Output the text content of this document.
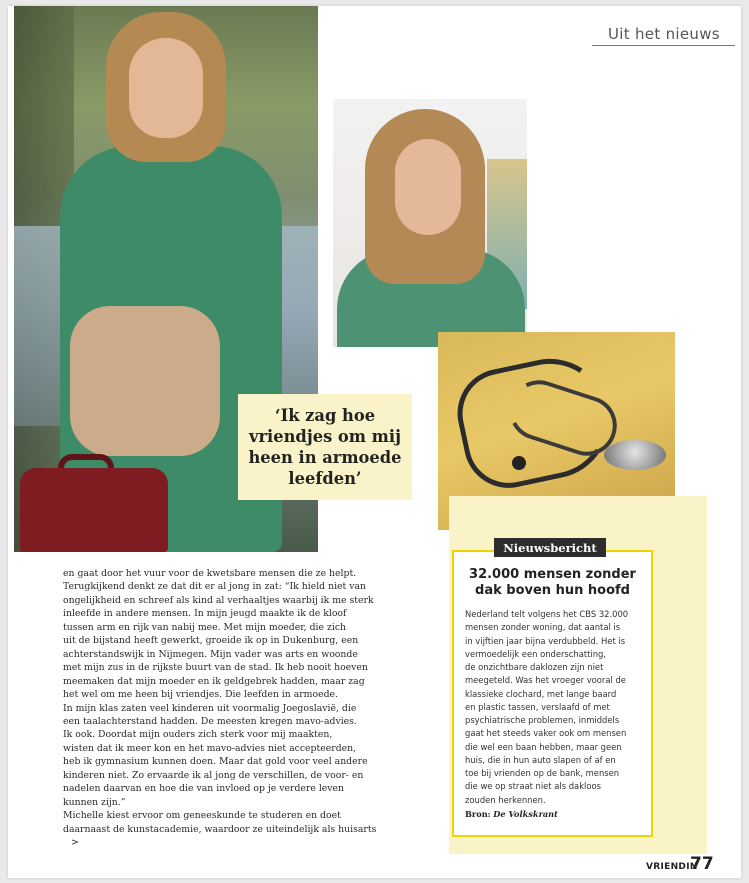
Uit het nieuws
‘Ik zag hoe vriendjes om mij heen in armoede leefden’
32.000 mensen zonder dak boven hun hoofd
Nederland telt volgens het CBS 32.000
mensen zonder woning, dat aantal is
in vijftien jaar bijna verdubbeld. Het is
vermoedelijk een onderschatting,
de onzichtbare daklozen zijn niet
meegeteld. Was het vroeger vooral de
klassieke clochard, met lange baard
en plastic tassen, verslaafd of met
psychiatrische problemen, inmiddels
gaat het steeds vaker ook om mensen
die wel een baan hebben, maar geen
huis, die in hun auto slapen of af en
toe bij vrienden op de bank, mensen
die we op straat niet als dakloos
zouden herkennen.
Bron: De Volkskrant
Nieuwsbericht

en gaat door het vuur voor de kwetsbare mensen die ze helpt.

Terugkijkend denkt ze dat dit er al jong in zat: “Ik hield niet van

ongelijkheid en schreef als kind al verhaaltjes waarbij ik me sterk

inleefde in andere mensen. In mijn jeugd maakte ik de kloof

tussen arm en rijk van nabij mee. Met mijn moeder, die zich

uit de bijstand heeft gewerkt, groeide ik op in Dukenburg, een

achterstandswijk in Nijmegen. Mijn vader was arts en woonde

met mijn zus in de rijkste buurt van de stad. Ik heb nooit hoeven

meemaken dat mijn moeder en ik geldgebrek hadden, maar zag

het wel om me heen bij vriendjes. Die leefden in armoede.

In mijn klas zaten veel kinderen uit voormalig Joegoslavië, die

een taalachterstand hadden. De meesten kregen mavo-advies.

Ik ook. Doordat mijn ouders zich sterk voor mij maakten,

wisten dat ik meer kon en het mavo-advies niet accepteerden,

heb ik gymnasium kunnen doen. Maar dat gold voor veel andere

kinderen niet. Zo ervaarde ik al jong de verschillen, de voor- en

nadelen daarvan en hoe die van invloed op je verdere leven

kunnen zijn.”

Michelle kiest ervoor om geneeskunde te studeren en doet

daarnaast de kunstacademie, waardoor ze uiteindelijk als huisarts>

VRIENDIN
77
